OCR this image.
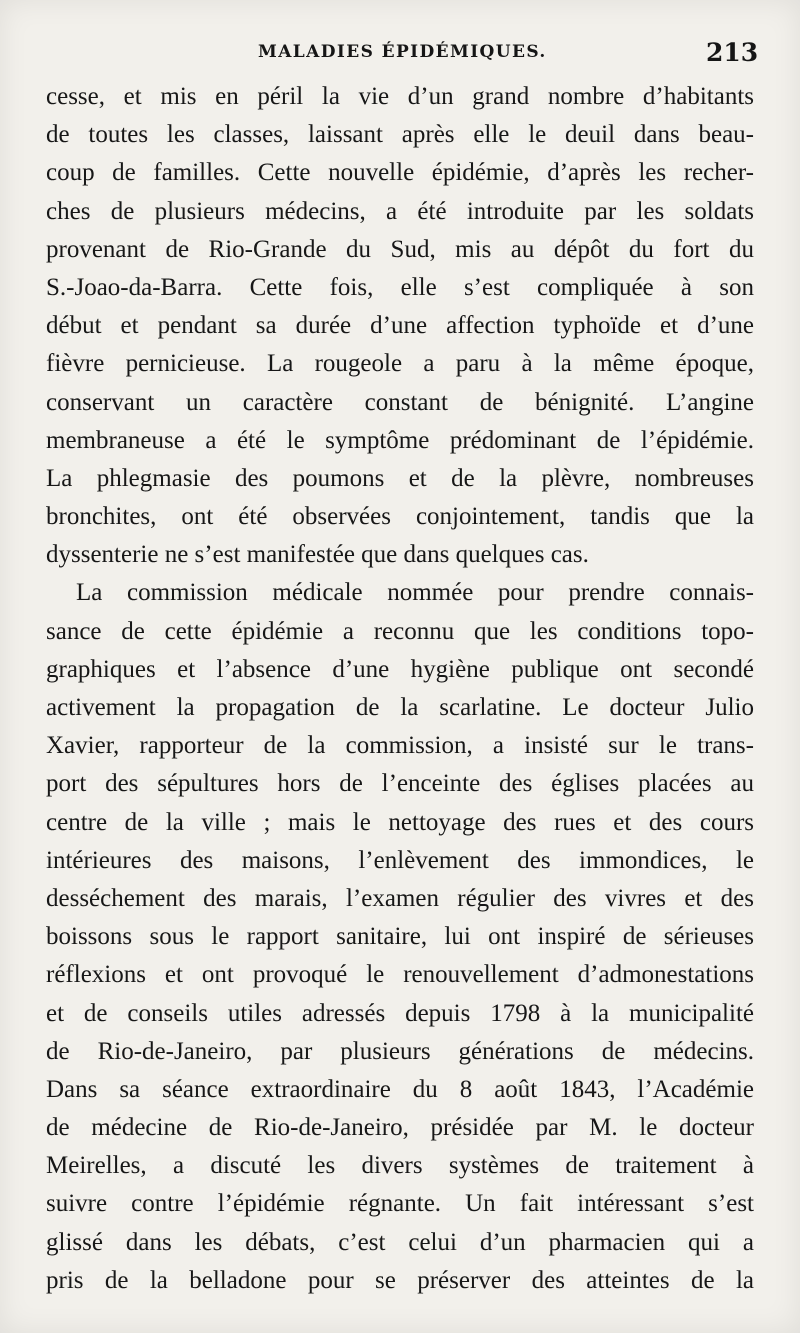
MALADIES ÉPIDÉMIQUES.	213
cesse, et mis en péril la vie d’un grand nombre d’habitants
de toutes les classes, laissant après elle le deuil dans beau-
coup de familles. Cette nouvelle épidémie, d’après les recher-
ches de plusieurs médecins, a été introduite par les soldats
provenant de Rio-Grande du Sud, mis au dépôt du fort du
S.-Joao-da-Barra. Cette fois, elle s’est compliquée à son
début et pendant sa durée d’une affection typhoïde et d’une
fièvre pernicieuse. La rougeole a paru à la même époque,
conservant un caractère constant de bénignité. L’angine
membraneuse a été le symptôme prédominant de l’épidémie.
La phlegmasie des poumons et de la plèvre, nombreuses
bronchites, ont été observées conjointement, tandis que la
dyssenterie ne s’est manifestée que dans quelques cas.
La commission médicale nommée pour prendre connais-
sance de cette épidémie a reconnu que les conditions topo-
graphiques et l’absence d’une hygiène publique ont secondé
activement la propagation de la scarlatine. Le docteur Julio
Xavier, rapporteur de la commission, a insisté sur le trans-
port des sépultures hors de l’enceinte des églises placées au
centre de la ville ; mais le nettoyage des rues et des cours
intérieures des maisons, l’enlèvement des immondices, le
desséchement des marais, l’examen régulier des vivres et des
boissons sous le rapport sanitaire, lui ont inspiré de sérieuses
réflexions et ont provoqué le renouvellement d’admonestations
et de conseils utiles adressés depuis 1798 à la municipalité
de Rio-de-Janeiro, par plusieurs générations de médecins.
Dans sa séance extraordinaire du 8 août 1843, l’Académie
de médecine de Rio-de-Janeiro, présidée par M. le docteur
Meirelles, a discuté les divers systèmes de traitement à
suivre contre l’épidémie régnante. Un fait intéressant s’est
glissé dans les débats, c’est celui d’un pharmacien qui a
pris de la belladone pour se préserver des atteintes de la
